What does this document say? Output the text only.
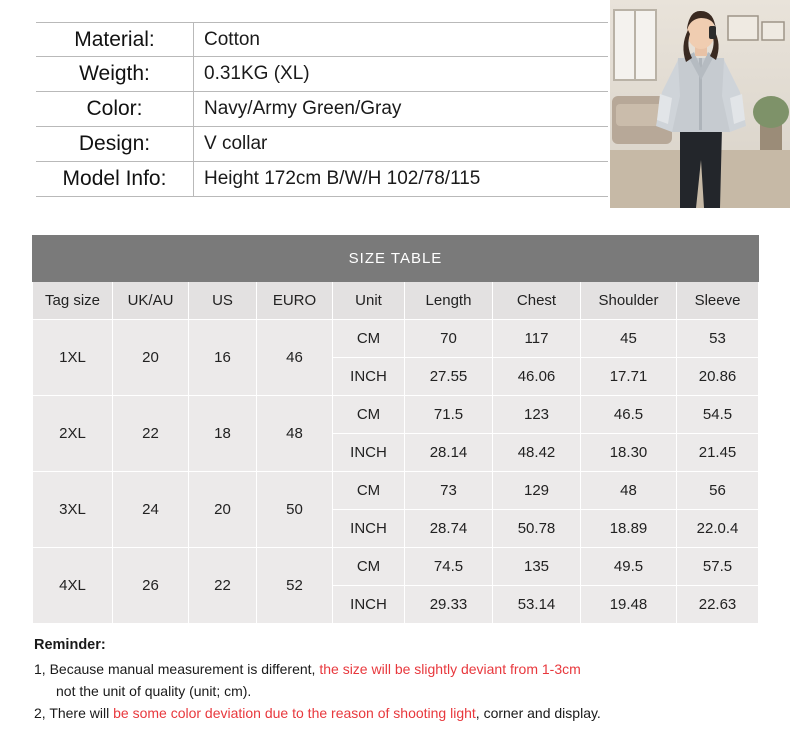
Material:	Cotton
Weigth:	0.31KG (XL)
Color:	Navy/Army Green/Gray
Design:	V collar
Model Info:	Height 172cm B/W/H 102/78/115
SIZE TABLE								
Tag size	UK/AU	US	EURO	Unit	Length	Chest	Shoulder	Sleeve
1XL	20	16	46	CM	70	117	45	53
				INCH	27.55	46.06	17.71	20.86
2XL	22	18	48	CM	71.5	123	46.5	54.5
				INCH	28.14	48.42	18.30	21.45
3XL	24	20	50	CM	73	129	48	56
				INCH	28.74	50.78	18.89	22.0.4
4XL	26	22	52	CM	74.5	135	49.5	57.5
				INCH	29.33	53.14	19.48	22.63
Reminder:
1, Because manual measurement is different, the size will be slightly deviant from 1-3cm
not the unit of quality (unit; cm).
2, There will be some color deviation due to the reason of shooting light, corner and display.
